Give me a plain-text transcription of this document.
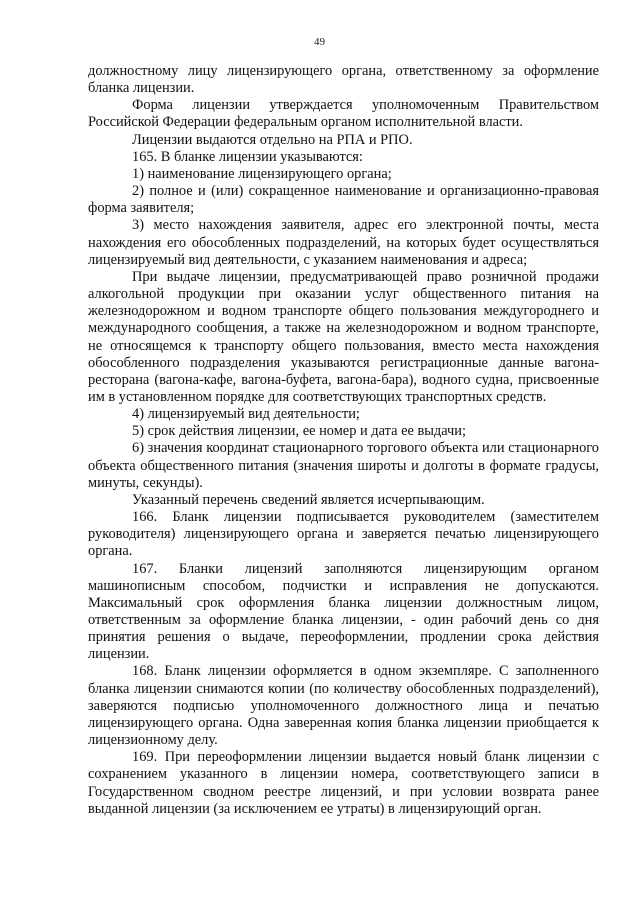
49

должностному лицу лицензирующего органа, ответственному за оформление бланка лицензии.

Форма лицензии утверждается уполномоченным Правительством Российской Федерации федеральным органом исполнительной власти.

Лицензии выдаются отдельно на РПА и РПО.

165. В бланке лицензии указываются:

1) наименование лицензирующего органа;

2) полное и (или) сокращенное наименование и организационно-правовая форма заявителя;

3) место нахождения заявителя, адрес его электронной почты, места нахождения его обособленных подразделений, на которых будет осуществляться лицензируемый вид деятельности, с указанием наименования и адреса;

При выдаче лицензии, предусматривающей право розничной продажи алкогольной продукции при оказании услуг общественного питания на железнодорожном и водном транспорте общего пользования междугороднего и международного сообщения, а также на железнодорожном и водном транспорте, не относящемся к транспорту общего пользования, вместо места нахождения обособленного подразделения указываются регистрационные данные вагона-ресторана (вагона-кафе, вагона-буфета, вагона-бара), водного судна, присвоенные им в установленном порядке для соответствующих транспортных средств.

4) лицензируемый вид деятельности;

5) срок действия лицензии, ее номер и дата ее выдачи;

6) значения координат стационарного торгового объекта или стационарного объекта общественного питания (значения широты и долготы в формате градусы, минуты, секунды).

Указанный перечень сведений является исчерпывающим.

166. Бланк лицензии подписывается руководителем (заместителем руководителя) лицензирующего органа и заверяется печатью лицензирующего органа.

167. Бланки лицензий заполняются лицензирующим органом машинописным способом, подчистки и исправления не допускаются. Максимальный срок оформления бланка лицензии должностным лицом, ответственным за оформление бланка лицензии, - один рабочий день со дня принятия решения о выдаче, переоформлении, продлении срока действия лицензии.

168. Бланк лицензии оформляется в одном экземпляре. С заполненного бланка лицензии снимаются копии (по количеству обособленных подразделений), заверяются подписью уполномоченного должностного лица и печатью лицензирующего органа. Одна заверенная копия бланка лицензии приобщается к лицензионному делу.

169. При переоформлении лицензии выдается новый бланк лицензии с сохранением указанного в лицензии номера, соответствующего записи в Государственном сводном реестре лицензий, и при условии возврата ранее выданной лицензии (за исключением ее утраты) в лицензирующий орган.
